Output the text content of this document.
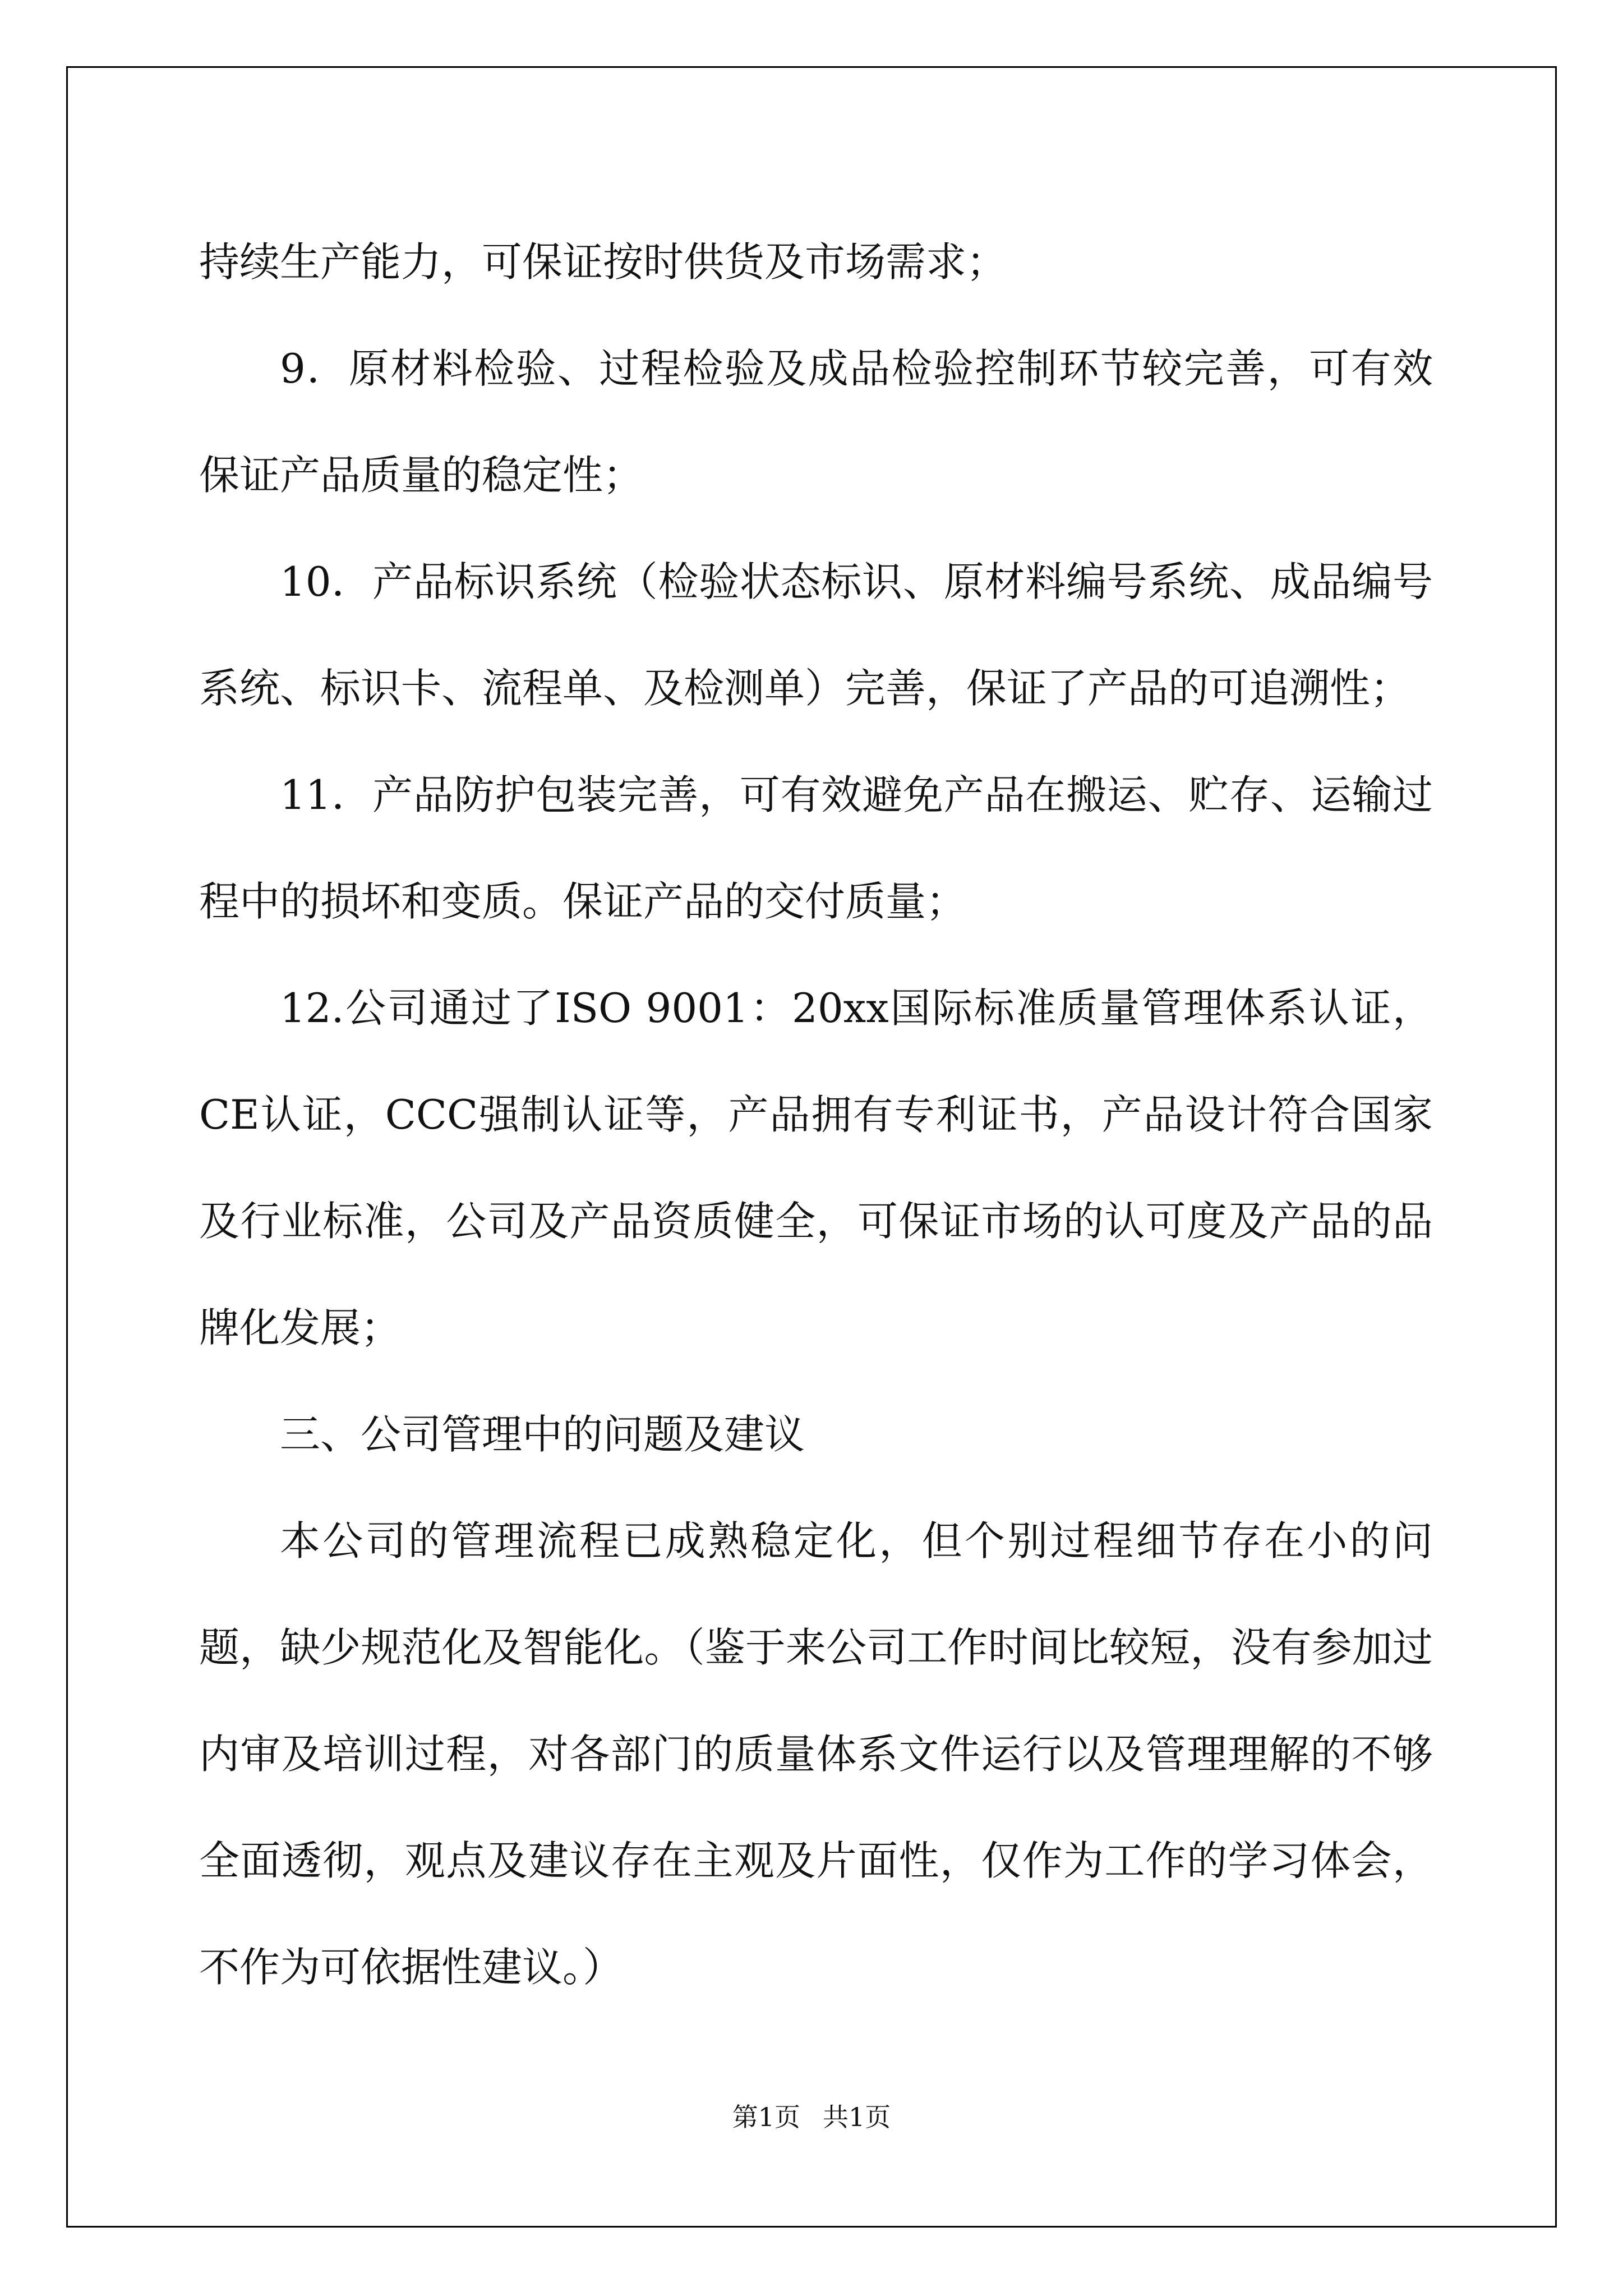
持续生产能力，可保证按时供货及市场需求；

9．原材料检验、过程检验及成品检验控制环节较完善，可有效保证产品质量的稳定性；

10．产品标识系统（检验状态标识、原材料编号系统、成品编号系统、标识卡、流程单、及检测单）完善，保证了产品的可追溯性；

11．产品防护包装完善，可有效避免产品在搬运、贮存、运输过程中的损坏和变质。保证产品的交付质量；

12.公司通过了ISO 9001：20xx国际标准质量管理体系认证， CE认证，CCC强制认证等，产品拥有专利证书，产品设计符合国家及行业标准，公司及产品资质健全，可保证市场的认可度及产品的品牌化发展；

三、公司管理中的问题及建议

本公司的管理流程已成熟稳定化，但个别过程细节存在小的问题，缺少规范化及智能化。（鉴于来公司工作时间比较短，没有参加过内审及培训过程，对各部门的质量体系文件运行以及管理理解的不够全面透彻，观点及建议存在主观及片面性，仅作为工作的学习体会，不作为可依据性建议。）

第1页 共1页
